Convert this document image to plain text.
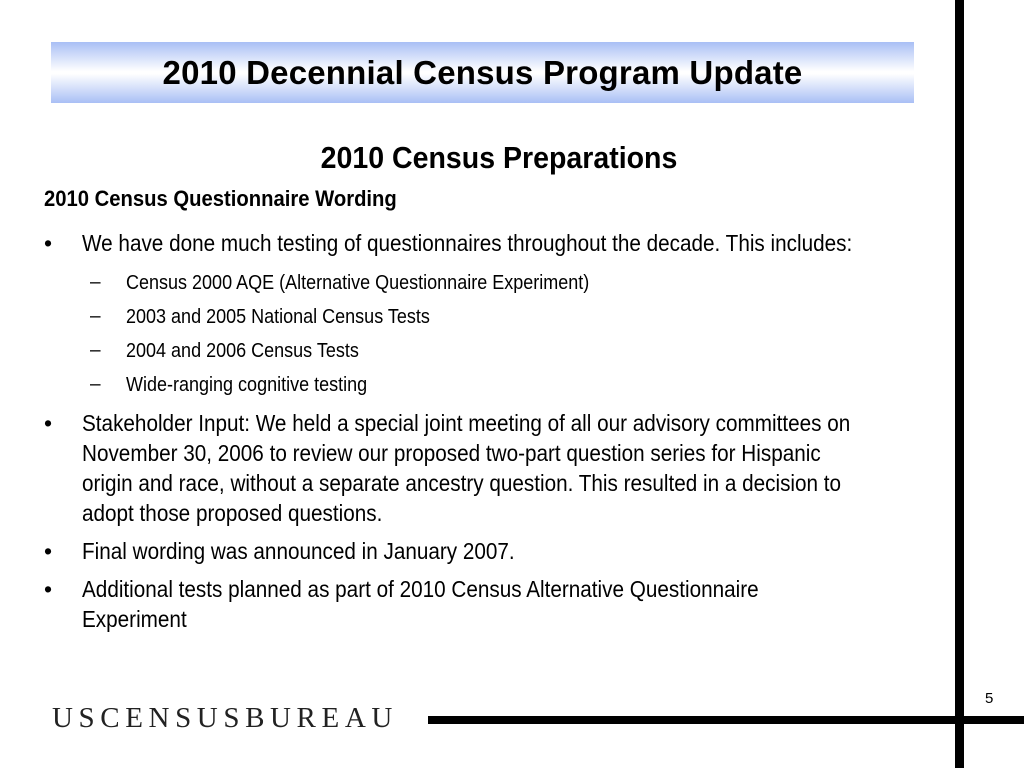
2010 Decennial Census Program Update
2010 Census Preparations
2010 Census Questionnaire Wording
•	We have done much testing of questionnaires throughout the decade. This includes:
–	Census 2000 AQE (Alternative Questionnaire Experiment)
–	2003 and 2005 National Census Tests
–	2004 and 2006 Census Tests
–	Wide-ranging cognitive testing
•	Stakeholder Input: We held a special joint meeting of all our advisory committees on November 30, 2006 to review our proposed two-part question series for Hispanic origin and race, without a separate ancestry question. This resulted in a decision to adopt those proposed questions.
•	Final wording was announced in January 2007.
•	Additional tests planned as part of 2010 Census Alternative Questionnaire Experiment
USCENSUSBUREAU
5
